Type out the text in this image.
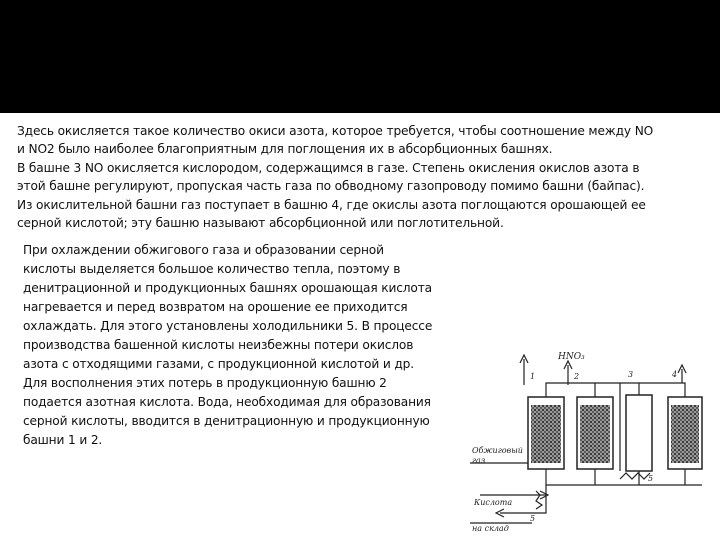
Здесь окисляется такое количество окиси азота, которое требуется, чтобы соотношение между NO
и NO2 было наиболее благоприятным для поглощения их в абсорбционных башнях.
В башне 3 NO окисляется кислородом, содержащимся в газе. Степень окисления окислов азота в
этой башне регулируют, пропуская часть газа по обводному газопроводу помимо башни (байпас).
Из окислительной башни газ поступает в башню 4, где окислы азота поглощаются орошающей ее
серной кислотой; эту башню называют абсорбционной или поглотительной.
При охлаждении обжигового газа и образовании серной
кислоты выделяется большое количество тепла, поэтому в
денитрационной и продукционных башнях орошающая кислота
нагревается и перед возвратом на орошение ее приходится
охлаждать. Для этого установлены холодильники 5. В процессе
производства башенной кислоты неизбежны потери окислов
азота с отходящими газами, с продукционной кислотой и др.
Для восполнения этих потерь в продукционную башню 2
подается азотная кислота. Вода, необходимая для образования
серной кислоты, вводится в денитрационную и продукционную
башни 1 и 2.
HNO₃
Обжиговый
газ
Кислота
на склад
1	2	3	4
5
5
